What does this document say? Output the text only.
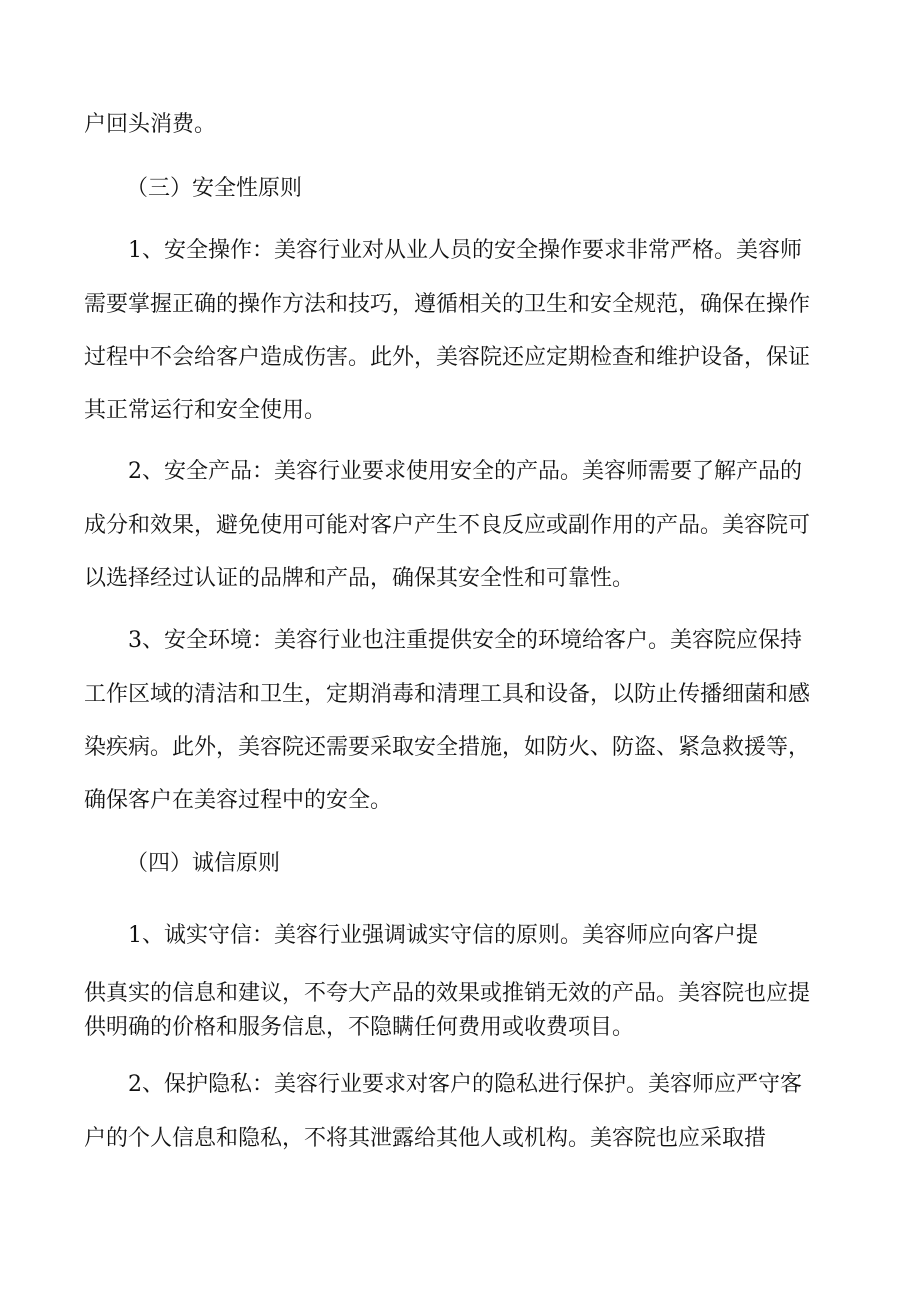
户回头消费。

（三）安全性原则

1、安全操作：美容行业对从业人员的安全操作要求非常严格。美容师

需要掌握正确的操作方法和技巧，遵循相关的卫生和安全规范，确保在操作

过程中不会给客户造成伤害。此外，美容院还应定期检查和维护设备，保证

其正常运行和安全使用。

2、安全产品：美容行业要求使用安全的产品。美容师需要了解产品的

成分和效果，避免使用可能对客户产生不良反应或副作用的产品。美容院可

以选择经过认证的品牌和产品，确保其安全性和可靠性。

3、安全环境：美容行业也注重提供安全的环境给客户。美容院应保持

工作区域的清洁和卫生，定期消毒和清理工具和设备，以防止传播细菌和感

染疾病。此外，美容院还需要采取安全措施，如防火、防盗、紧急救援等，

确保客户在美容过程中的安全。

（四）诚信原则

1、诚实守信：美容行业强调诚实守信的原则。美容师应向客户提

供真实的信息和建议，不夸大产品的效果或推销无效的产品。美容院也应提

供明确的价格和服务信息，不隐瞒任何费用或收费项目。

2、保护隐私：美容行业要求对客户的隐私进行保护。美容师应严守客

户的个人信息和隐私，不将其泄露给其他人或机构。美容院也应采取措
